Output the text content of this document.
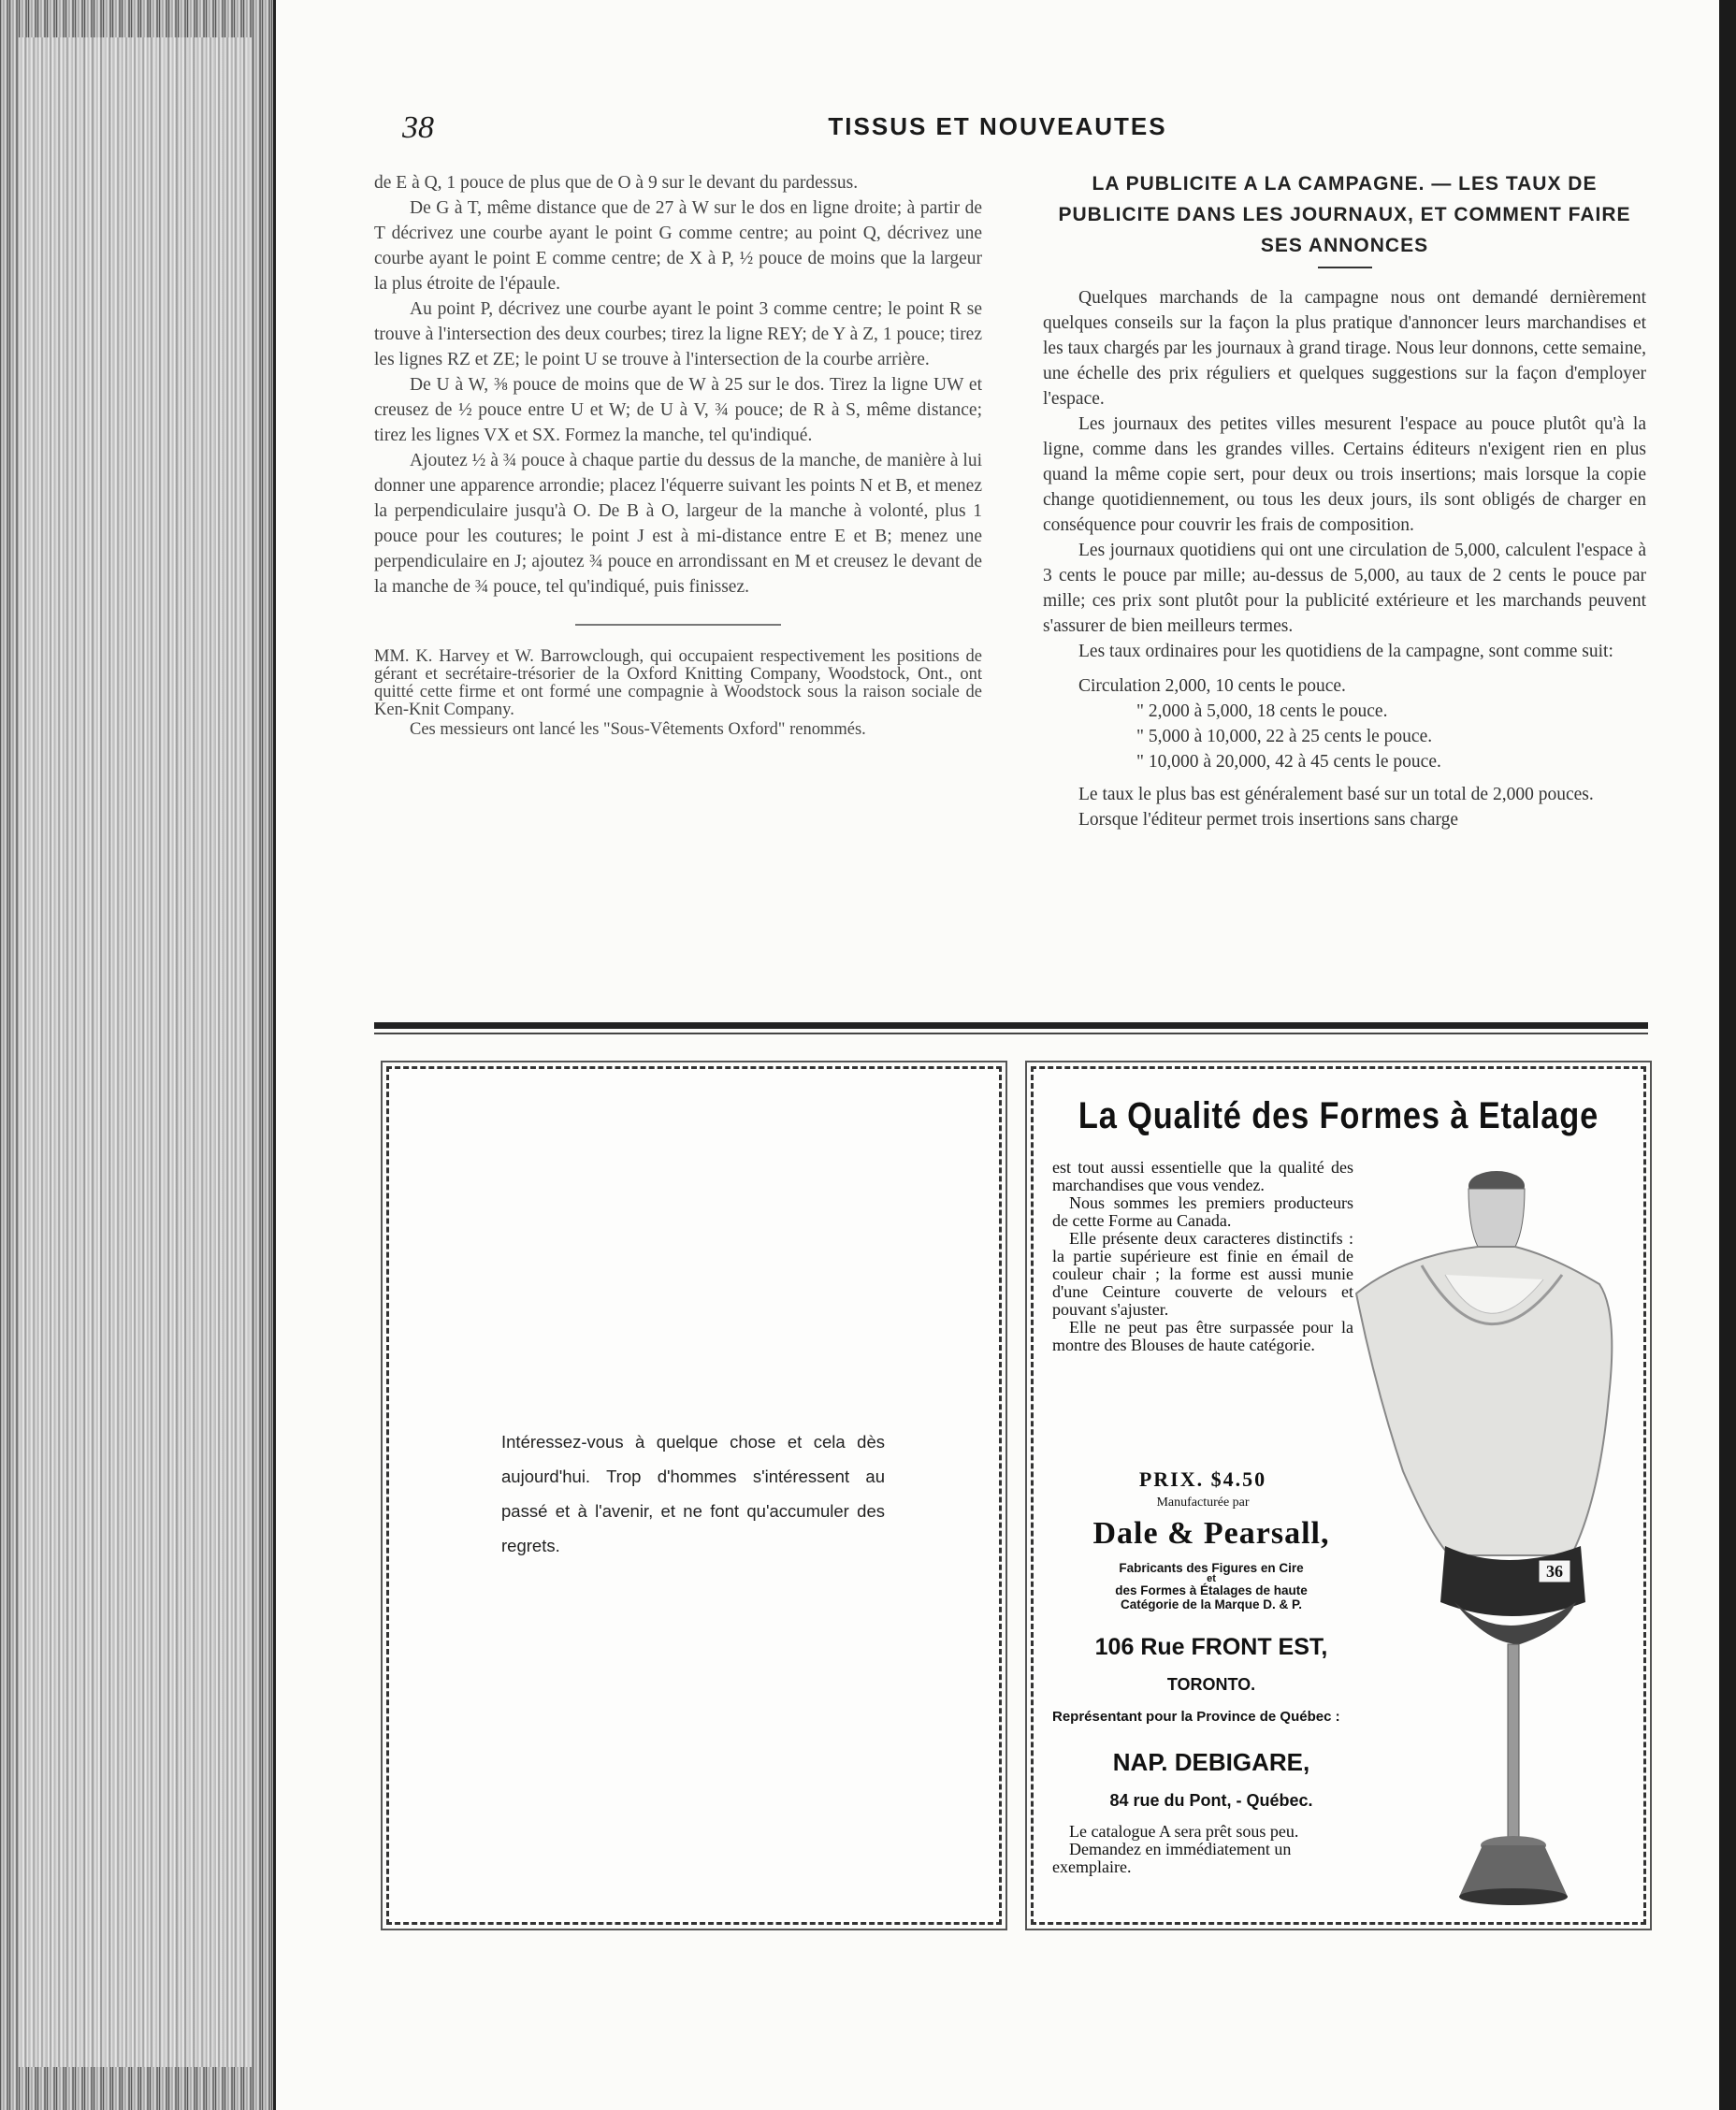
38	TISSUS ET NOUVEAUTES

de E à Q, 1 pouce de plus que de O à 9 sur le devant du pardessus.

De G à T, même distance que de 27 à W sur le dos en ligne droite; à partir de T décrivez une courbe ayant le point G comme centre; au point Q, décrivez une courbe ayant le point E comme centre; de X à P, ½ pouce de moins que la largeur la plus étroite de l'épaule.

Au point P, décrivez une courbe ayant le point 3 comme centre; le point R se trouve à l'intersection des deux courbes; tirez la ligne REY; de Y à Z, 1 pouce; tirez les lignes RZ et ZE; le point U se trouve à l'intersection de la courbe arrière.

De U à W, ⅜ pouce de moins que de W à 25 sur le dos. Tirez la ligne UW et creusez de ½ pouce entre U et W; de U à V, ¾ pouce; de R à S, même distance; tirez les lignes VX et SX. Formez la manche, tel qu'indiqué.

Ajoutez ½ à ¾ pouce à chaque partie du dessus de la manche, de manière à lui donner une apparence arrondie; placez l'équerre suivant les points N et B, et menez la perpendiculaire jusqu'à O. De B à O, largeur de la manche à volonté, plus 1 pouce pour les coutures; le point J est à mi-distance entre E et B; menez une perpendiculaire en J; ajoutez ¾ pouce en arrondissant en M et creusez le devant de la manche de ¾ pouce, tel qu'indiqué, puis finissez.

MM. K. Harvey et W. Barrowclough, qui occupaient respectivement les positions de gérant et secrétaire-trésorier de la Oxford Knitting Company, Woodstock, Ont., ont quitté cette firme et ont formé une compagnie à Woodstock sous la raison sociale de Ken-Knit Company.

Ces messieurs ont lancé les "Sous-Vêtements Oxford" renommés.

LA PUBLICITE A LA CAMPAGNE. — LES TAUX DE PUBLICITE DANS LES JOURNAUX, ET COMMENT FAIRE SES ANNONCES

Quelques marchands de la campagne nous ont demandé dernièrement quelques conseils sur la façon la plus pratique d'annoncer leurs marchandises et les taux chargés par les journaux à grand tirage. Nous leur donnons, cette semaine, une échelle des prix réguliers et quelques suggestions sur la façon d'employer l'espace.

Les journaux des petites villes mesurent l'espace au pouce plutôt qu'à la ligne, comme dans les grandes villes. Certains éditeurs n'exigent rien en plus quand la même copie sert, pour deux ou trois insertions; mais lorsque la copie change quotidiennement, ou tous les deux jours, ils sont obligés de charger en conséquence pour couvrir les frais de composition.

Les journaux quotidiens qui ont une circulation de 5,000, calculent l'espace à 3 cents le pouce par mille; au-dessus de 5,000, au taux de 2 cents le pouce par mille; ces prix sont plutôt pour la publicité extérieure et les marchands peuvent s'assurer de bien meilleurs termes.

Les taux ordinaires pour les quotidiens de la campagne, sont comme suit:

Circulation 2,000, 10 cents le pouce.
" 2,000 à 5,000, 18 cents le pouce.
" 5,000 à 10,000, 22 à 25 cents le pouce.
" 10,000 à 20,000, 42 à 45 cents le pouce.

Le taux le plus bas est généralement basé sur un total de 2,000 pouces.

Lorsque l'éditeur permet trois insertions sans charge

Intéressez-vous à quelque chose et cela dès aujourd'hui. Trop d'hommes s'intéressent au passé et à l'avenir, et ne font qu'accumuler des regrets.
La Qualité des Formes à Etalage

est tout aussi essentielle que la qualité des marchandises que vous vendez.

Nous sommes les premiers producteurs de cette Forme au Canada.

Elle présente deux caracteres distinctifs : la partie supérieure est finie en émail de couleur chair ; la forme est aussi munie d'une Ceinture couverte de velours et pouvant s'ajuster.

Elle ne peut pas être surpassée pour la montre des Blouses de haute catégorie.

PRIX. $4.50
Manufacturée par
Dale & Pearsall,
Fabricants des Figures en Cire
et
des Formes à Étalages de haute
Catégorie de la Marque D. & P.
106 Rue FRONT EST,
TORONTO.
Représentant pour la Province de Québec :
NAP. DEBIGARE,
84 rue du Pont, - Québec.

Le catalogue A sera prêt sous peu.

Demandez en immédiatement un exemplaire.

36
